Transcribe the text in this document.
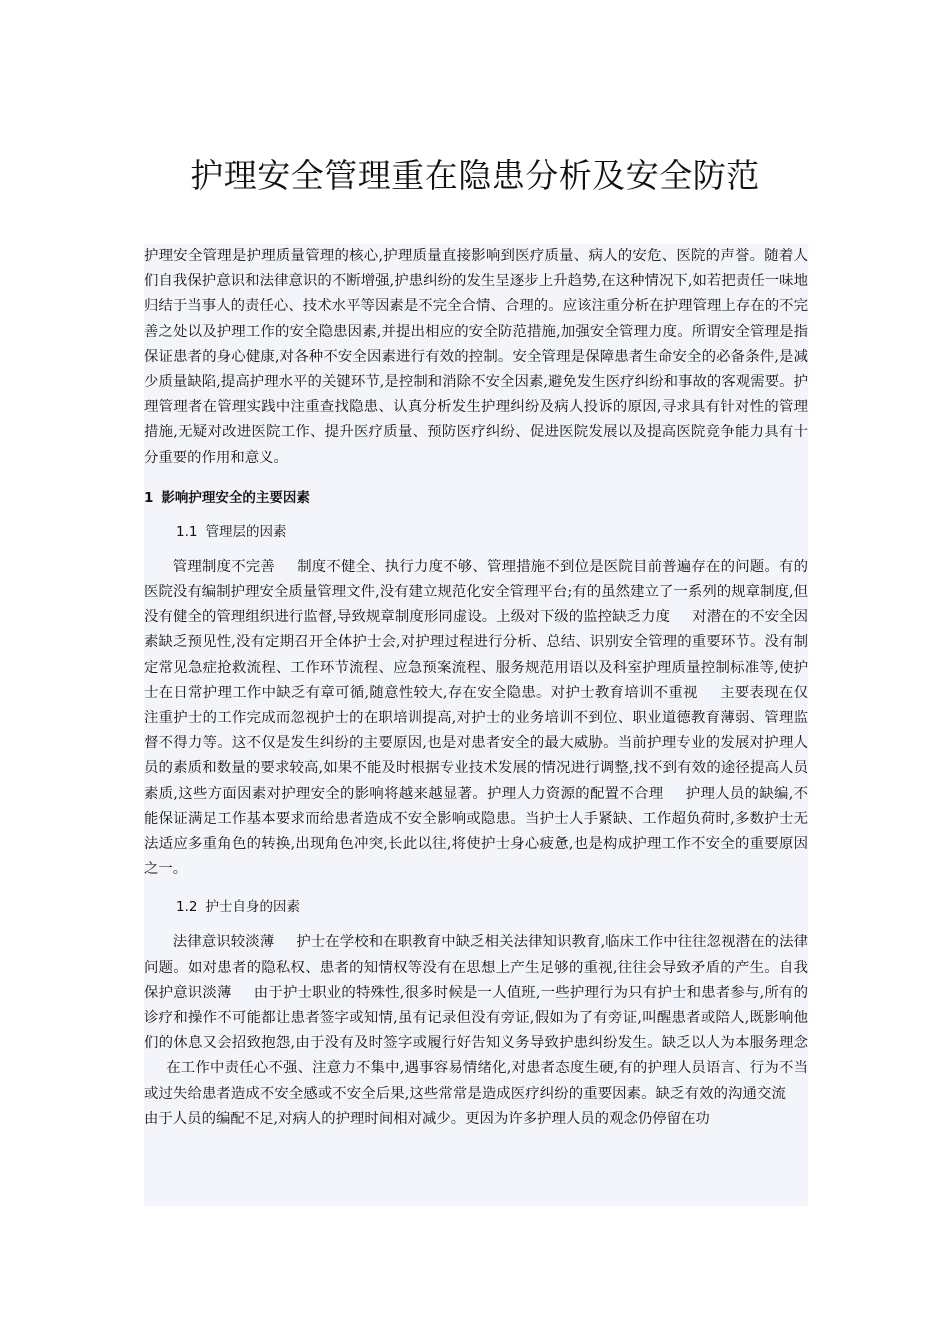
护理安全管理重在隐患分析及安全防范

护理安全管理是护理质量管理的核心,护理质量直接影响到医疗质量、病人的安危、医院的声誉。随着人们自我保护意识和法律意识的不断增强,护患纠纷的发生呈逐步上升趋势,在这种情况下,如若把责任一味地归结于当事人的责任心、技术水平等因素是不完全合情、合理的。应该注重分析在护理管理上存在的不完善之处以及护理工作的安全隐患因素,并提出相应的安全防范措施,加强安全管理力度。所谓安全管理是指保证患者的身心健康,对各种不安全因素进行有效的控制。安全管理是保障患者生命安全的必备条件,是减少质量缺陷,提高护理水平的关键环节,是控制和消除不安全因素,避免发生医疗纠纷和事故的客观需要。护理管理者在管理实践中注重查找隐患、认真分析发生护理纠纷及病人投诉的原因,寻求具有针对性的管理措施,无疑对改进医院工作、提升医疗质量、预防医疗纠纷、促进医院发展以及提高医院竞争能力具有十分重要的作用和意义。

1 影响护理安全的主要因素
1.1 管理层的因素

管理制度不完善 制度不健全、执行力度不够、管理措施不到位是医院目前普遍存在的问题。有的医院没有编制护理安全质量管理文件,没有建立规范化安全管理平台;有的虽然建立了一系列的规章制度,但没有健全的管理组织进行监督,导致规章制度形同虚设。上级对下级的监控缺乏力度 对潜在的不安全因素缺乏预见性,没有定期召开全体护士会,对护理过程进行分析、总结、识别安全管理的重要环节。没有制定常见急症抢救流程、工作环节流程、应急预案流程、服务规范用语以及科室护理质量控制标准等,使护士在日常护理工作中缺乏有章可循,随意性较大,存在安全隐患。对护士教育培训不重视 主要表现在仅注重护士的工作完成而忽视护士的在职培训提高,对护士的业务培训不到位、职业道德教育薄弱、管理监督不得力等。这不仅是发生纠纷的主要原因,也是对患者安全的最大威胁。当前护理专业的发展对护理人员的素质和数量的要求较高,如果不能及时根据专业技术发展的情况进行调整,找不到有效的途径提高人员素质,这些方面因素对护理安全的影响将越来越显著。护理人力资源的配置不合理 护理人员的缺编,不能保证满足工作基本要求而给患者造成不安全影响或隐患。当护士人手紧缺、工作超负荷时,多数护士无法适应多重角色的转换,出现角色冲突,长此以往,将使护士身心疲惫,也是构成护理工作不安全的重要原因之一。

1.2 护士自身的因素

法律意识较淡薄 护士在学校和在职教育中缺乏相关法律知识教育,临床工作中往往忽视潜在的法律问题。如对患者的隐私权、患者的知情权等没有在思想上产生足够的重视,往往会导致矛盾的产生。自我保护意识淡薄 由于护士职业的特殊性,很多时候是一人值班,一些护理行为只有护士和患者参与,所有的诊疗和操作不可能都让患者签字或知情,虽有记录但没有旁证,假如为了有旁证,叫醒患者或陪人,既影响他们的休息又会招致抱怨,由于没有及时签字或履行好告知义务导致护患纠纷发生。缺乏以人为本服务理念在工作中责任心不强、注意力不集中,遇事容易情绪化,对患者态度生硬,有的护理人员语言、行为不当或过失给患者造成不安全感或不安全后果,这些常常是造成医疗纠纷的重要因素。缺乏有效的沟通交流由于人员的编配不足,对病人的护理时间相对减少。更因为许多护理人员的观念仍停留在功
